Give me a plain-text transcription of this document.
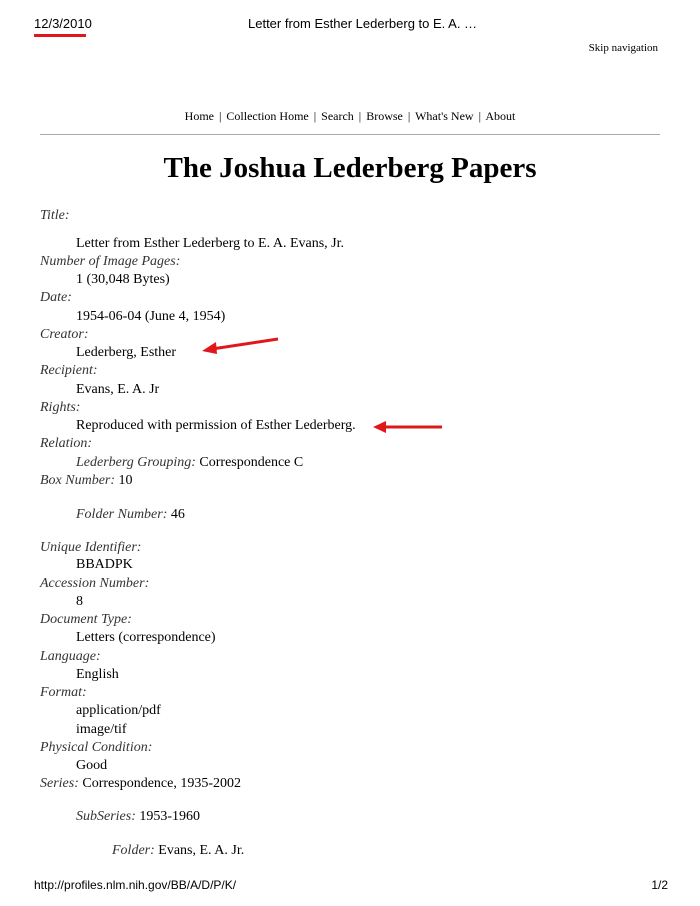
12/3/2010	Letter from Esther Lederberg to E. A. …
Skip navigation
Home | Collection Home | Search | Browse | What's New | About
The Joshua Lederberg Papers
Title:
Letter from Esther Lederberg to E. A. Evans, Jr.
Number of Image Pages:
1 (30,048 Bytes)
Date:
1954-06-04 (June 4, 1954)
Creator:
Lederberg, Esther
Recipient:
Evans, E. A. Jr
Rights:
Reproduced with permission of Esther Lederberg.
Relation:
Lederberg Grouping: Correspondence C
Box Number: 10
Folder Number: 46
Unique Identifier:
BBADPK
Accession Number:
8
Document Type:
Letters (correspondence)
Language:
English
Format:
application/pdf
image/tif
Physical Condition:
Good
Series: Correspondence, 1935-2002
SubSeries: 1953-1960
Folder: Evans, E. A. Jr.
http://profiles.nlm.nih.gov/BB/A/D/P/K/	1/2
